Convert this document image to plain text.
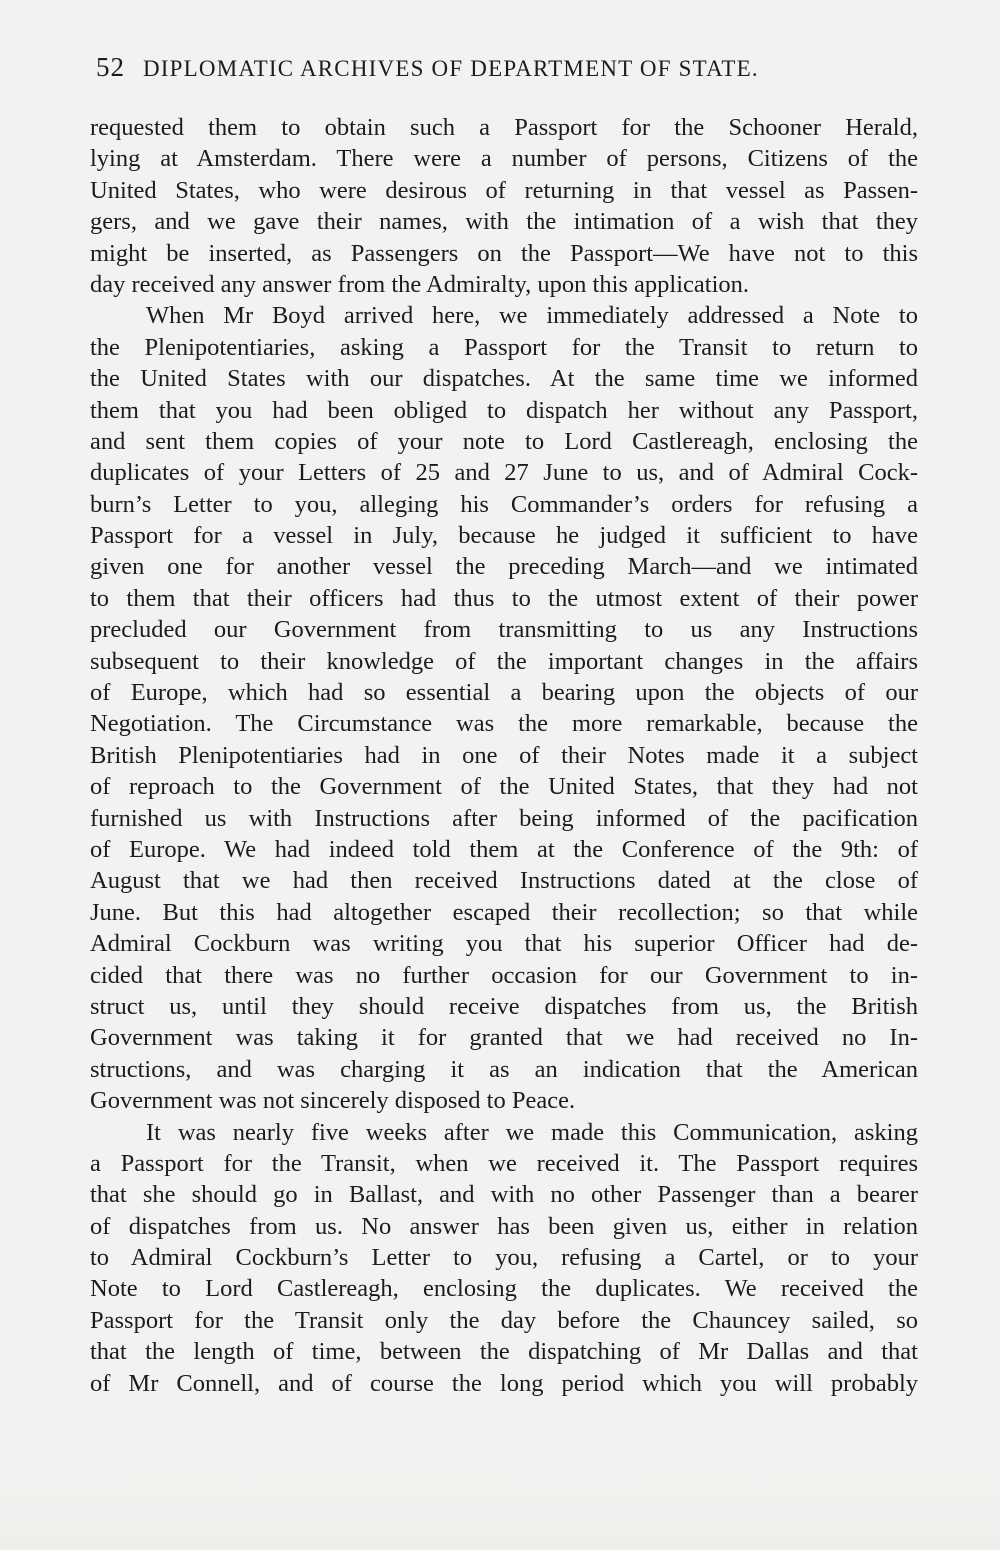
52 DIPLOMATIC ARCHIVES OF DEPARTMENT OF STATE.
requested them to obtain such a Passport for the Schooner Herald,
lying at Amsterdam. There were a number of persons, Citizens of the
United States, who were desirous of returning in that vessel as Passen-
gers, and we gave their names, with the intimation of a wish that they
might be inserted, as Passengers on the Passport—We have not to this
day received any answer from the Admiralty, upon this application.
When Mr Boyd arrived here, we immediately addressed a Note to
the Plenipotentiaries, asking a Passport for the Transit to return to
the United States with our dispatches. At the same time we informed
them that you had been obliged to dispatch her without any Passport,
and sent them copies of your note to Lord Castlereagh, enclosing the
duplicates of your Letters of 25 and 27 June to us, and of Admiral Cock-
burn’s Letter to you, alleging his Commander’s orders for refusing a
Passport for a vessel in July, because he judged it sufficient to have
given one for another vessel the preceding March—and we intimated
to them that their officers had thus to the utmost extent of their power
precluded our Government from transmitting to us any Instructions
subsequent to their knowledge of the important changes in the affairs
of Europe, which had so essential a bearing upon the objects of our
Negotiation. The Circumstance was the more remarkable, because the
British Plenipotentiaries had in one of their Notes made it a subject
of reproach to the Government of the United States, that they had not
furnished us with Instructions after being informed of the pacification
of Europe. We had indeed told them at the Conference of the 9th: of
August that we had then received Instructions dated at the close of
June. But this had altogether escaped their recollection; so that while
Admiral Cockburn was writing you that his superior Officer had de-
cided that there was no further occasion for our Government to in-
struct us, until they should receive dispatches from us, the British
Government was taking it for granted that we had received no In-
structions, and was charging it as an indication that the American
Government was not sincerely disposed to Peace.
It was nearly five weeks after we made this Communication, asking
a Passport for the Transit, when we received it. The Passport requires
that she should go in Ballast, and with no other Passenger than a bearer
of dispatches from us. No answer has been given us, either in relation
to Admiral Cockburn’s Letter to you, refusing a Cartel, or to your
Note to Lord Castlereagh, enclosing the duplicates. We received the
Passport for the Transit only the day before the Chauncey sailed, so
that the length of time, between the dispatching of Mr Dallas and that
of Mr Connell, and of course the long period which you will probably
